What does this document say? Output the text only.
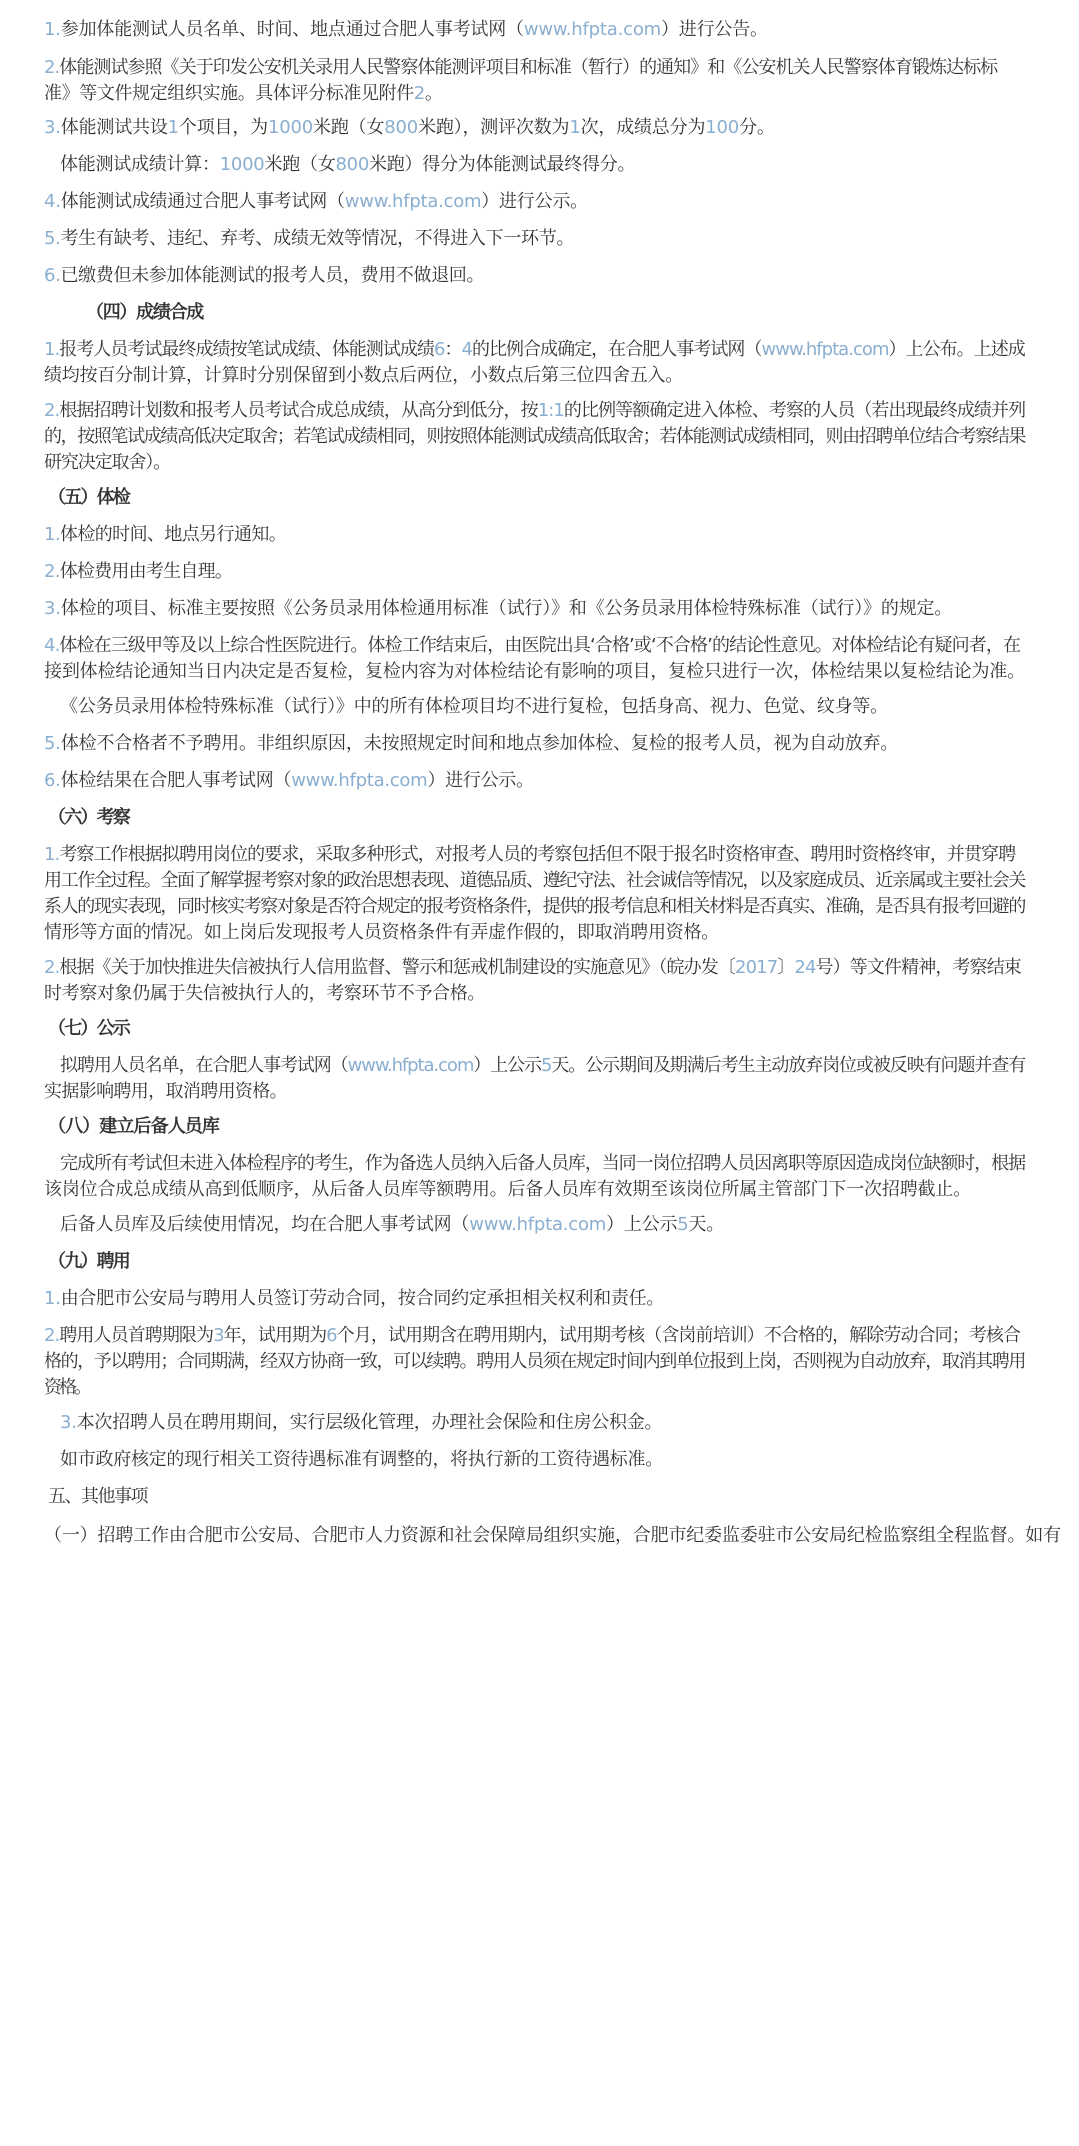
1.参加体能测试人员名单、时间、地点通过合肥人事考试网（www.hfpta.com）进行公告。
2.体能测试参照《关于印发公安机关录用人民警察体能测评项目和标准（暂行）的通知》和《公安机关人民警察体育锻炼达标标
准》等文件规定组织实施。具体评分标准见附件2。
3.体能测试共设1个项目，为1000米跑（女800米跑），测评次数为1次，成绩总分为100分。
体能测试成绩计算：1000米跑（女800米跑）得分为体能测试最终得分。
4.体能测试成绩通过合肥人事考试网（www.hfpta.com）进行公示。
5.考生有缺考、违纪、弃考、成绩无效等情况，不得进入下一环节。
6.已缴费但未参加体能测试的报考人员，费用不做退回。
（四）成绩合成
1.报考人员考试最终成绩按笔试成绩、体能测试成绩6：4的比例合成确定，在合肥人事考试网（www.hfpta.com）上公布。上述成
绩均按百分制计算，计算时分别保留到小数点后两位，小数点后第三位四舍五入。
2.根据招聘计划数和报考人员考试合成总成绩，从高分到低分，按1:1的比例等额确定进入体检、考察的人员（若出现最终成绩并列
的，按照笔试成绩高低决定取舍；若笔试成绩相同，则按照体能测试成绩高低取舍；若体能测试成绩相同，则由招聘单位结合考察结果
研究决定取舍）。
（五）体检
1.体检的时间、地点另行通知。
2.体检费用由考生自理。
3.体检的项目、标准主要按照《公务员录用体检通用标准（试行）》和《公务员录用体检特殊标准（试行）》的规定。
4.体检在三级甲等及以上综合性医院进行。体检工作结束后，由医院出具‘合格’或‘不合格’的结论性意见。对体检结论有疑问者，在
接到体检结论通知当日内决定是否复检，复检内容为对体检结论有影响的项目，复检只进行一次，体检结果以复检结论为准。
《公务员录用体检特殊标准（试行）》中的所有体检项目均不进行复检，包括身高、视力、色觉、纹身等。
5.体检不合格者不予聘用。非组织原因，未按照规定时间和地点参加体检、复检的报考人员，视为自动放弃。
6.体检结果在合肥人事考试网（www.hfpta.com）进行公示。
（六）考察
1.考察工作根据拟聘用岗位的要求，采取多种形式，对报考人员的考察包括但不限于报名时资格审查、聘用时资格终审，并贯穿聘
用工作全过程。全面了解掌握考察对象的政治思想表现、道德品质、遵纪守法、社会诚信等情况，以及家庭成员、近亲属或主要社会关
系人的现实表现，同时核实考察对象是否符合规定的报考资格条件，提供的报考信息和相关材料是否真实、准确，是否具有报考回避的
情形等方面的情况。如上岗后发现报考人员资格条件有弄虚作假的，即取消聘用资格。
2.根据《关于加快推进失信被执行人信用监督、警示和惩戒机制建设的实施意见》（皖办发〔2017〕24号）等文件精神，考察结束
时考察对象仍属于失信被执行人的，考察环节不予合格。
（七）公示
拟聘用人员名单，在合肥人事考试网（www.hfpta.com）上公示5天。公示期间及期满后考生主动放弃岗位或被反映有问题并查有
实据影响聘用，取消聘用资格。
（八）建立后备人员库
完成所有考试但未进入体检程序的考生，作为备选人员纳入后备人员库，当同一岗位招聘人员因离职等原因造成岗位缺额时，根据
该岗位合成总成绩从高到低顺序，从后备人员库等额聘用。后备人员库有效期至该岗位所属主管部门下一次招聘截止。
后备人员库及后续使用情况，均在合肥人事考试网（www.hfpta.com）上公示5天。
（九）聘用
1.由合肥市公安局与聘用人员签订劳动合同，按合同约定承担相关权利和责任。
2.聘用人员首聘期限为3年，试用期为6个月，试用期含在聘用期内，试用期考核（含岗前培训）不合格的，解除劳动合同；考核合
格的，予以聘用；合同期满，经双方协商一致，可以续聘。聘用人员须在规定时间内到单位报到上岗，否则视为自动放弃，取消其聘用
资格。
3.本次招聘人员在聘用期间，实行层级化管理，办理社会保险和住房公积金。
如市政府核定的现行相关工资待遇标准有调整的，将执行新的工资待遇标准。
五、其他事项
（一）招聘工作由合肥市公安局、合肥市人力资源和社会保障局组织实施，合肥市纪委监委驻市公安局纪检监察组全程监督。如有
